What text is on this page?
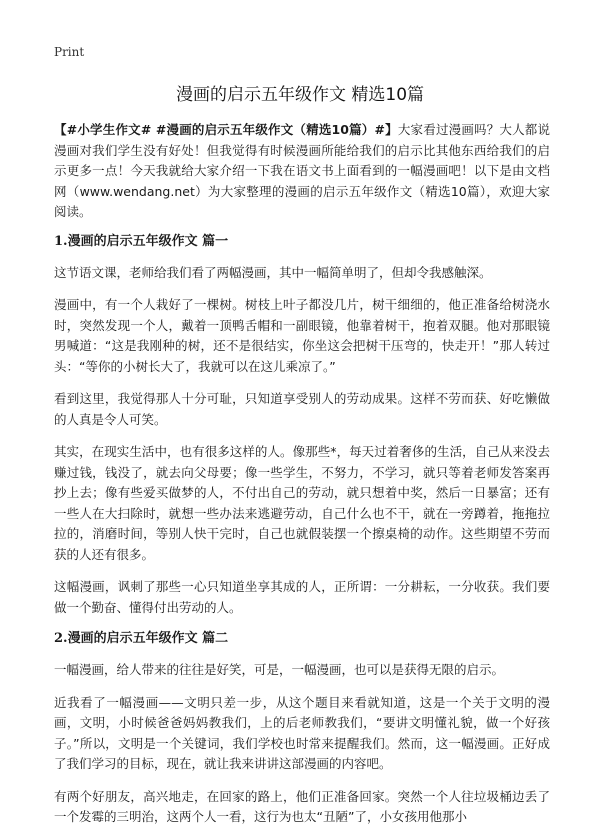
Print
漫画的启示五年级作文 精选10篇

【#小学生作文# #漫画的启示五年级作文（精选10篇）#】大家看过漫画吗？大人都说漫画对我们学生没有好处！但我觉得有时候漫画所能给我们的启示比其他东西给我们的启示更多一点！今天我就给大家介绍一下我在语文书上面看到的一幅漫画吧！以下是由文档网（www.wendang.net）为大家整理的漫画的启示五年级作文（精选10篇），欢迎大家阅读。

1.漫画的启示五年级作文 篇一

这节语文课，老师给我们看了两幅漫画，其中一幅简单明了，但却令我感触深。

漫画中，有一个人栽好了一棵树。树枝上叶子都没几片，树干细细的，他正准备给树浇水时，突然发现一个人，戴着一顶鸭舌帽和一副眼镜，他靠着树干，抱着双腿。他对那眼镜男喊道：“这是我刚种的树，还不是很结实，你坐这会把树干压弯的，快走开！”那人转过头：“等你的小树长大了，我就可以在这儿乘凉了。”

看到这里，我觉得那人十分可耻，只知道享受别人的劳动成果。这样不劳而获、好吃懒做的人真是令人可笑。

其实，在现实生活中，也有很多这样的人。像那些*，每天过着奢侈的生活，自己从来没去赚过钱，钱没了，就去向父母要；像一些学生，不努力，不学习，就只等着老师发答案再抄上去；像有些爱买做梦的人，不付出自己的劳动，就只想着中奖，然后一日暴富；还有一些人在大扫除时，就想一些办法来逃避劳动，自己什么也不干，就在一旁蹲着，拖拖拉拉的，消磨时间，等别人快干完时，自己也就假装摆一个擦桌椅的动作。这些期望不劳而获的人还有很多。

这幅漫画，讽刺了那些一心只知道坐享其成的人，正所谓：一分耕耘，一分收获。我们要做一个勤奋、懂得付出劳动的人。

2.漫画的启示五年级作文 篇二

一幅漫画，给人带来的往往是好笑，可是，一幅漫画，也可以是获得无限的启示。

近我看了一幅漫画——文明只差一步，从这个题目来看就知道，这是一个关于文明的漫画，文明，小时候爸爸妈妈教我们，上的后老师教我们，“要讲文明懂礼貌，做一个好孩子。”所以，文明是一个关键词，我们学校也时常来提醒我们。然而，这一幅漫画。正好成了我们学习的目标，现在，就让我来讲讲这部漫画的内容吧。

有两个好朋友，高兴地走，在回家的路上，他们正准备回家。突然一个人往垃圾桶边丢了一个发霉的三明治，这两个人一看，这行为也太“丑陋”了，小女孩用他那小
